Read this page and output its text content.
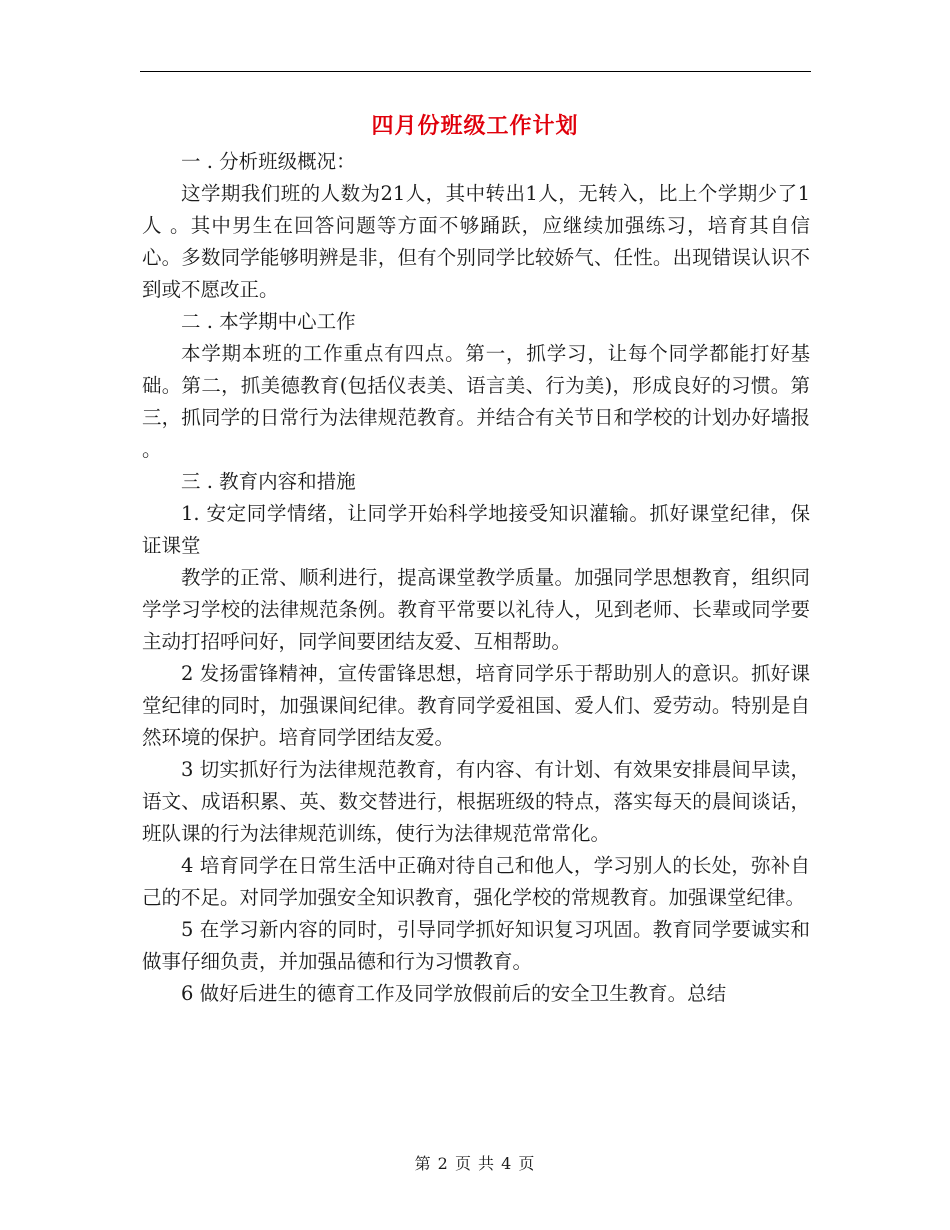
四月份班级工作计划

一 . 分析班级概况：

这学期我们班的人数为21人，其中转出1人，无转入，比上个学期少了1人 。其中男生在回答问题等方面不够踊跃，应继续加强练习，培育其自信心。多数同学能够明辨是非，但有个别同学比较娇气、任性。出现错误认识不到或不愿改正。

二 . 本学期中心工作

本学期本班的工作重点有四点。第一，抓学习，让每个同学都能打好基础。第二，抓美德教育(包括仪表美、语言美、行为美)，形成良好的习惯。第三，抓同学的日常行为法律规范教育。并结合有关节日和学校的计划办好墙报 。

三 . 教育内容和措施

1. 安定同学情绪，让同学开始科学地接受知识灌输。抓好课堂纪律，保证课堂

教学的正常、顺利进行，提高课堂教学质量。加强同学思想教育，组织同学学习学校的法律规范条例。教育平常要以礼待人，见到老师、长辈或同学要主动打招呼问好，同学间要团结友爱、互相帮助。

2 发扬雷锋精神，宣传雷锋思想，培育同学乐于帮助别人的意识。抓好课堂纪律的同时，加强课间纪律。教育同学爱祖国、爱人们、爱劳动。特别是自然环境的保护。培育同学团结友爱。

3 切实抓好行为法律规范教育，有内容、有计划、有效果安排晨间早读，语文、成语积累、英、数交替进行，根据班级的特点，落实每天的晨间谈话，班队课的行为法律规范训练，使行为法律规范常常化。

4 培育同学在日常生活中正确对待自己和他人，学习别人的长处，弥补自己的不足。对同学加强安全知识教育，强化学校的常规教育。加强课堂纪律。

5 在学习新内容的同时，引导同学抓好知识复习巩固。教育同学要诚实和做事仔细负责，并加强品德和行为习惯教育。

6 做好后进生的德育工作及同学放假前后的安全卫生教育。总结

第 2 页 共 4 页
